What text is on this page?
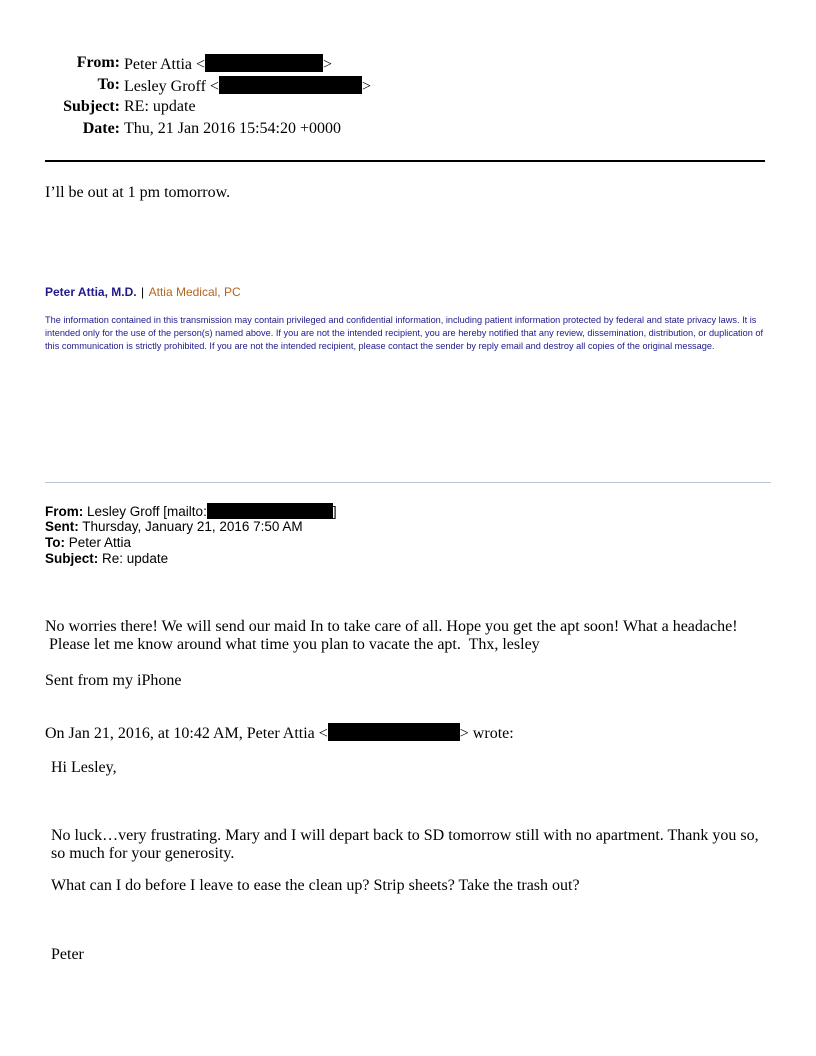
From: Peter Attia <	>
To: Lesley Groff <	>
Subject: RE: update
Date: Thu, 21 Jan 2016 15:54:20 +0000
I’ll be out at 1 pm tomorrow.
Peter Attia, M.D. | Attia Medical, PC
The information contained in this transmission may contain privileged and confidential information, including patient information protected by federal and state privacy laws. It is intended only for the use of the person(s) named above. If you are not the intended recipient, you are hereby notified that any review, dissemination, distribution, or duplication of this communication is strictly prohibited. If you are not the intended recipient, please contact the sender by reply email and destroy all copies of the original message.
From: Lesley Groff [mailto:	]
Sent: Thursday, January 21, 2016 7:50 AM
To: Peter Attia
Subject: Re: update
No worries there! We will send our maid In to take care of all. Hope you get the apt soon! What a headache!
Please let me know around what time you plan to vacate the apt.  Thx, lesley
Sent from my iPhone
On Jan 21, 2016, at 10:42 AM, Peter Attia <	> wrote:
Hi Lesley,
No luck…very frustrating. Mary and I will depart back to SD tomorrow still with no apartment. Thank you so,
so much for your generosity.
What can I do before I leave to ease the clean up? Strip sheets? Take the trash out?
Peter
